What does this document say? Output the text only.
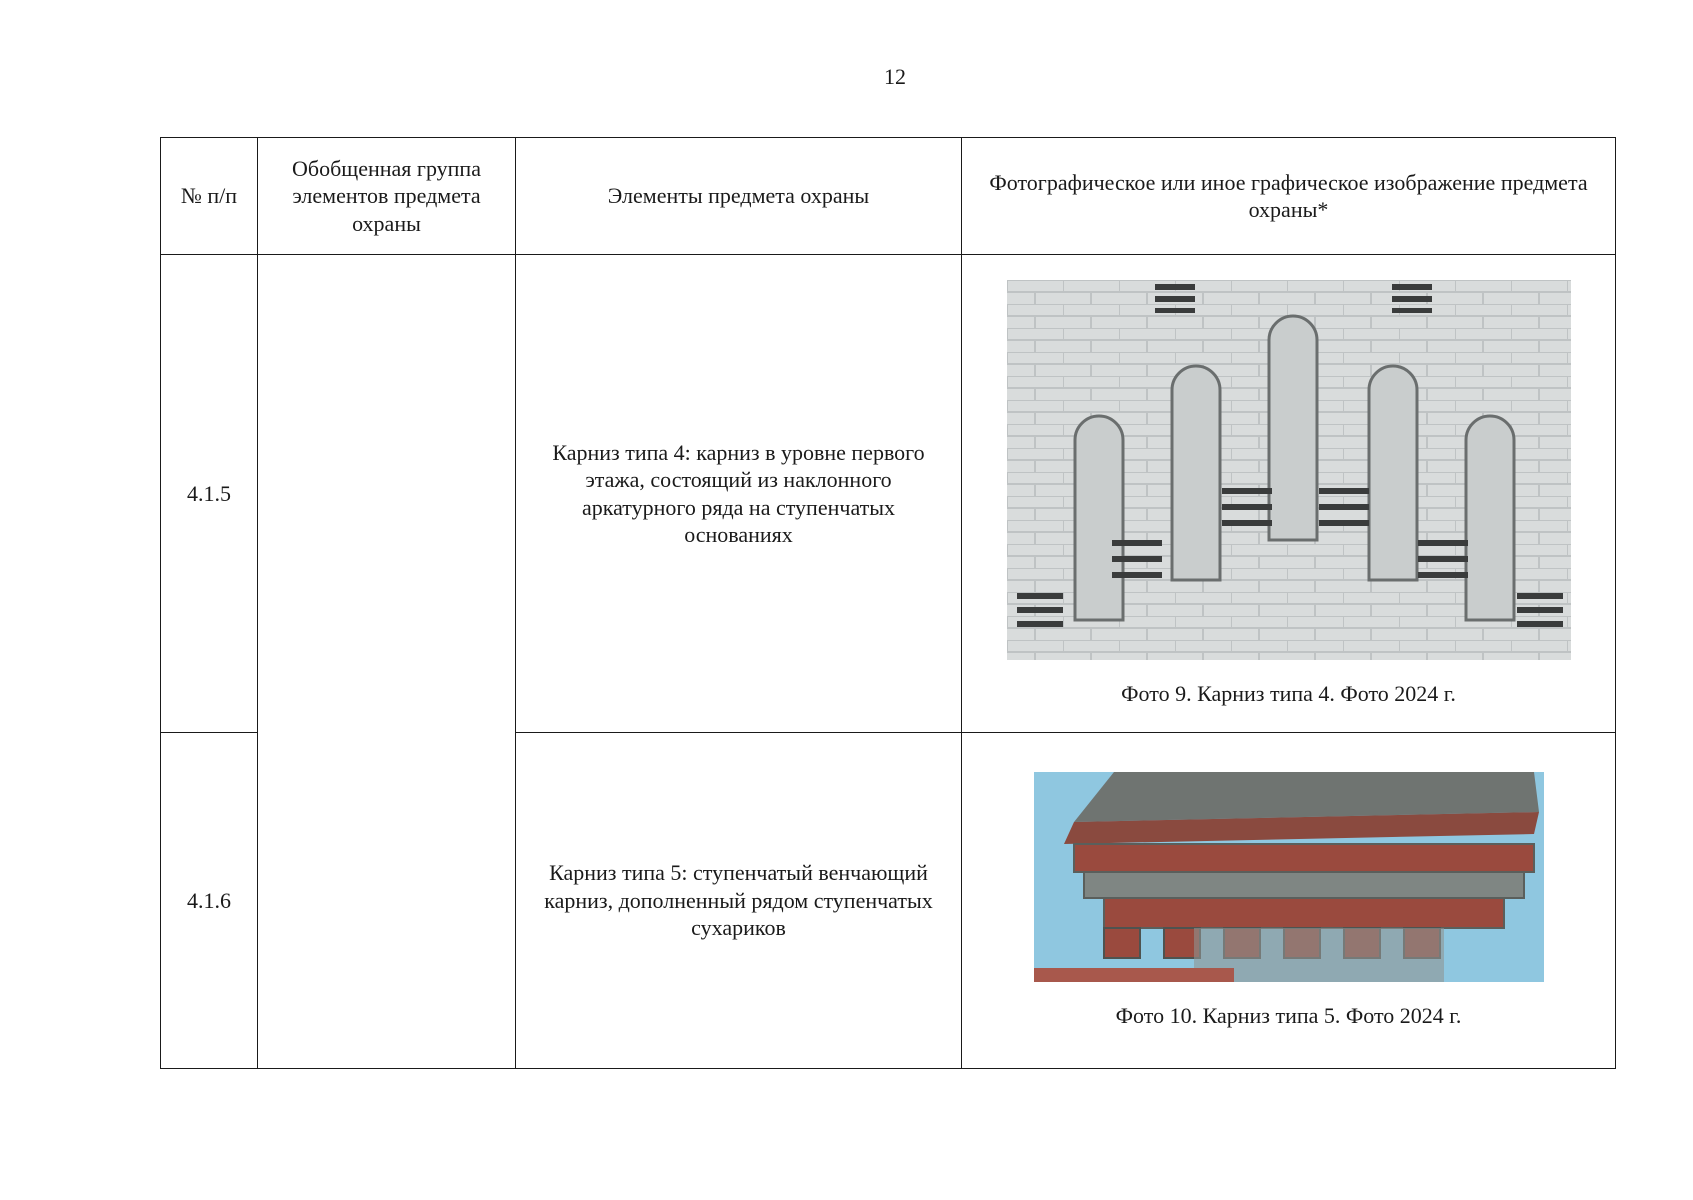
12
№ п/п	Обобщенная группа элементов предмета охраны	Элементы предмета охраны	Фотографическое или иное графическое изображение предмета охраны*
4.1.5		Карниз типа 4: карниз в уровне первого этажа, состоящий из наклонного аркатурного ряда на ступенчатых основаниях	Фото 9. Карниз типа 4. Фото 2024 г.

4.1.6		Карниз типа 5: ступенчатый венчающий карниз, дополненный рядом ступенчатых сухариков	Фото 10. Карниз типа 5. Фото 2024 г.
